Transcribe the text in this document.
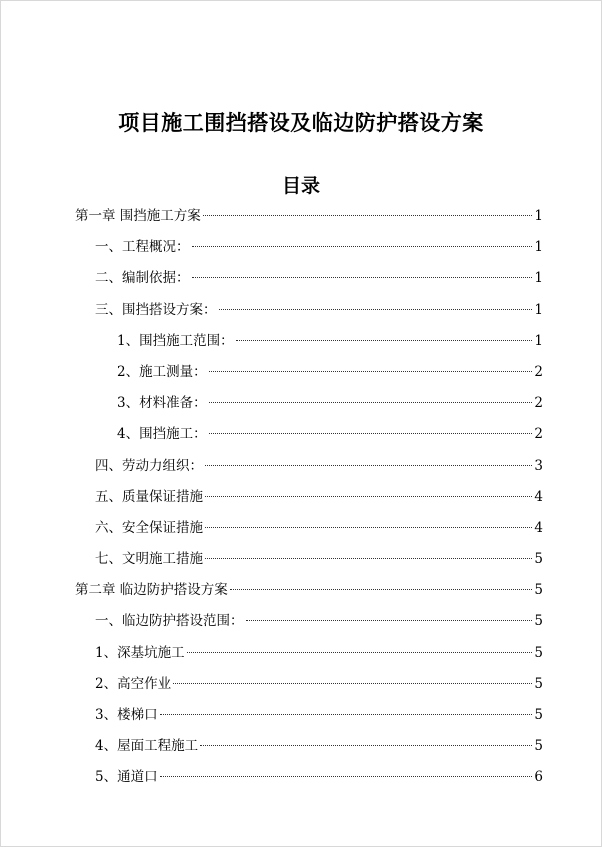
项目施工围挡搭设及临边防护搭设方案
目录
第一章 围挡施工方案	1
一、工程概况：	1
二、编制依据：	1
三、围挡搭设方案：	1
1、围挡施工范围：	1
2、施工测量：	2
3、材料准备：	2
4、围挡施工：	2
四、劳动力组织：	3
五、质量保证措施	4
六、安全保证措施	4
七、文明施工措施	5
第二章 临边防护搭设方案	5
一、临边防护搭设范围：	5
1、深基坑施工	5
2、高空作业	5
3、楼梯口	5
4、屋面工程施工	5
5、通道口	6
